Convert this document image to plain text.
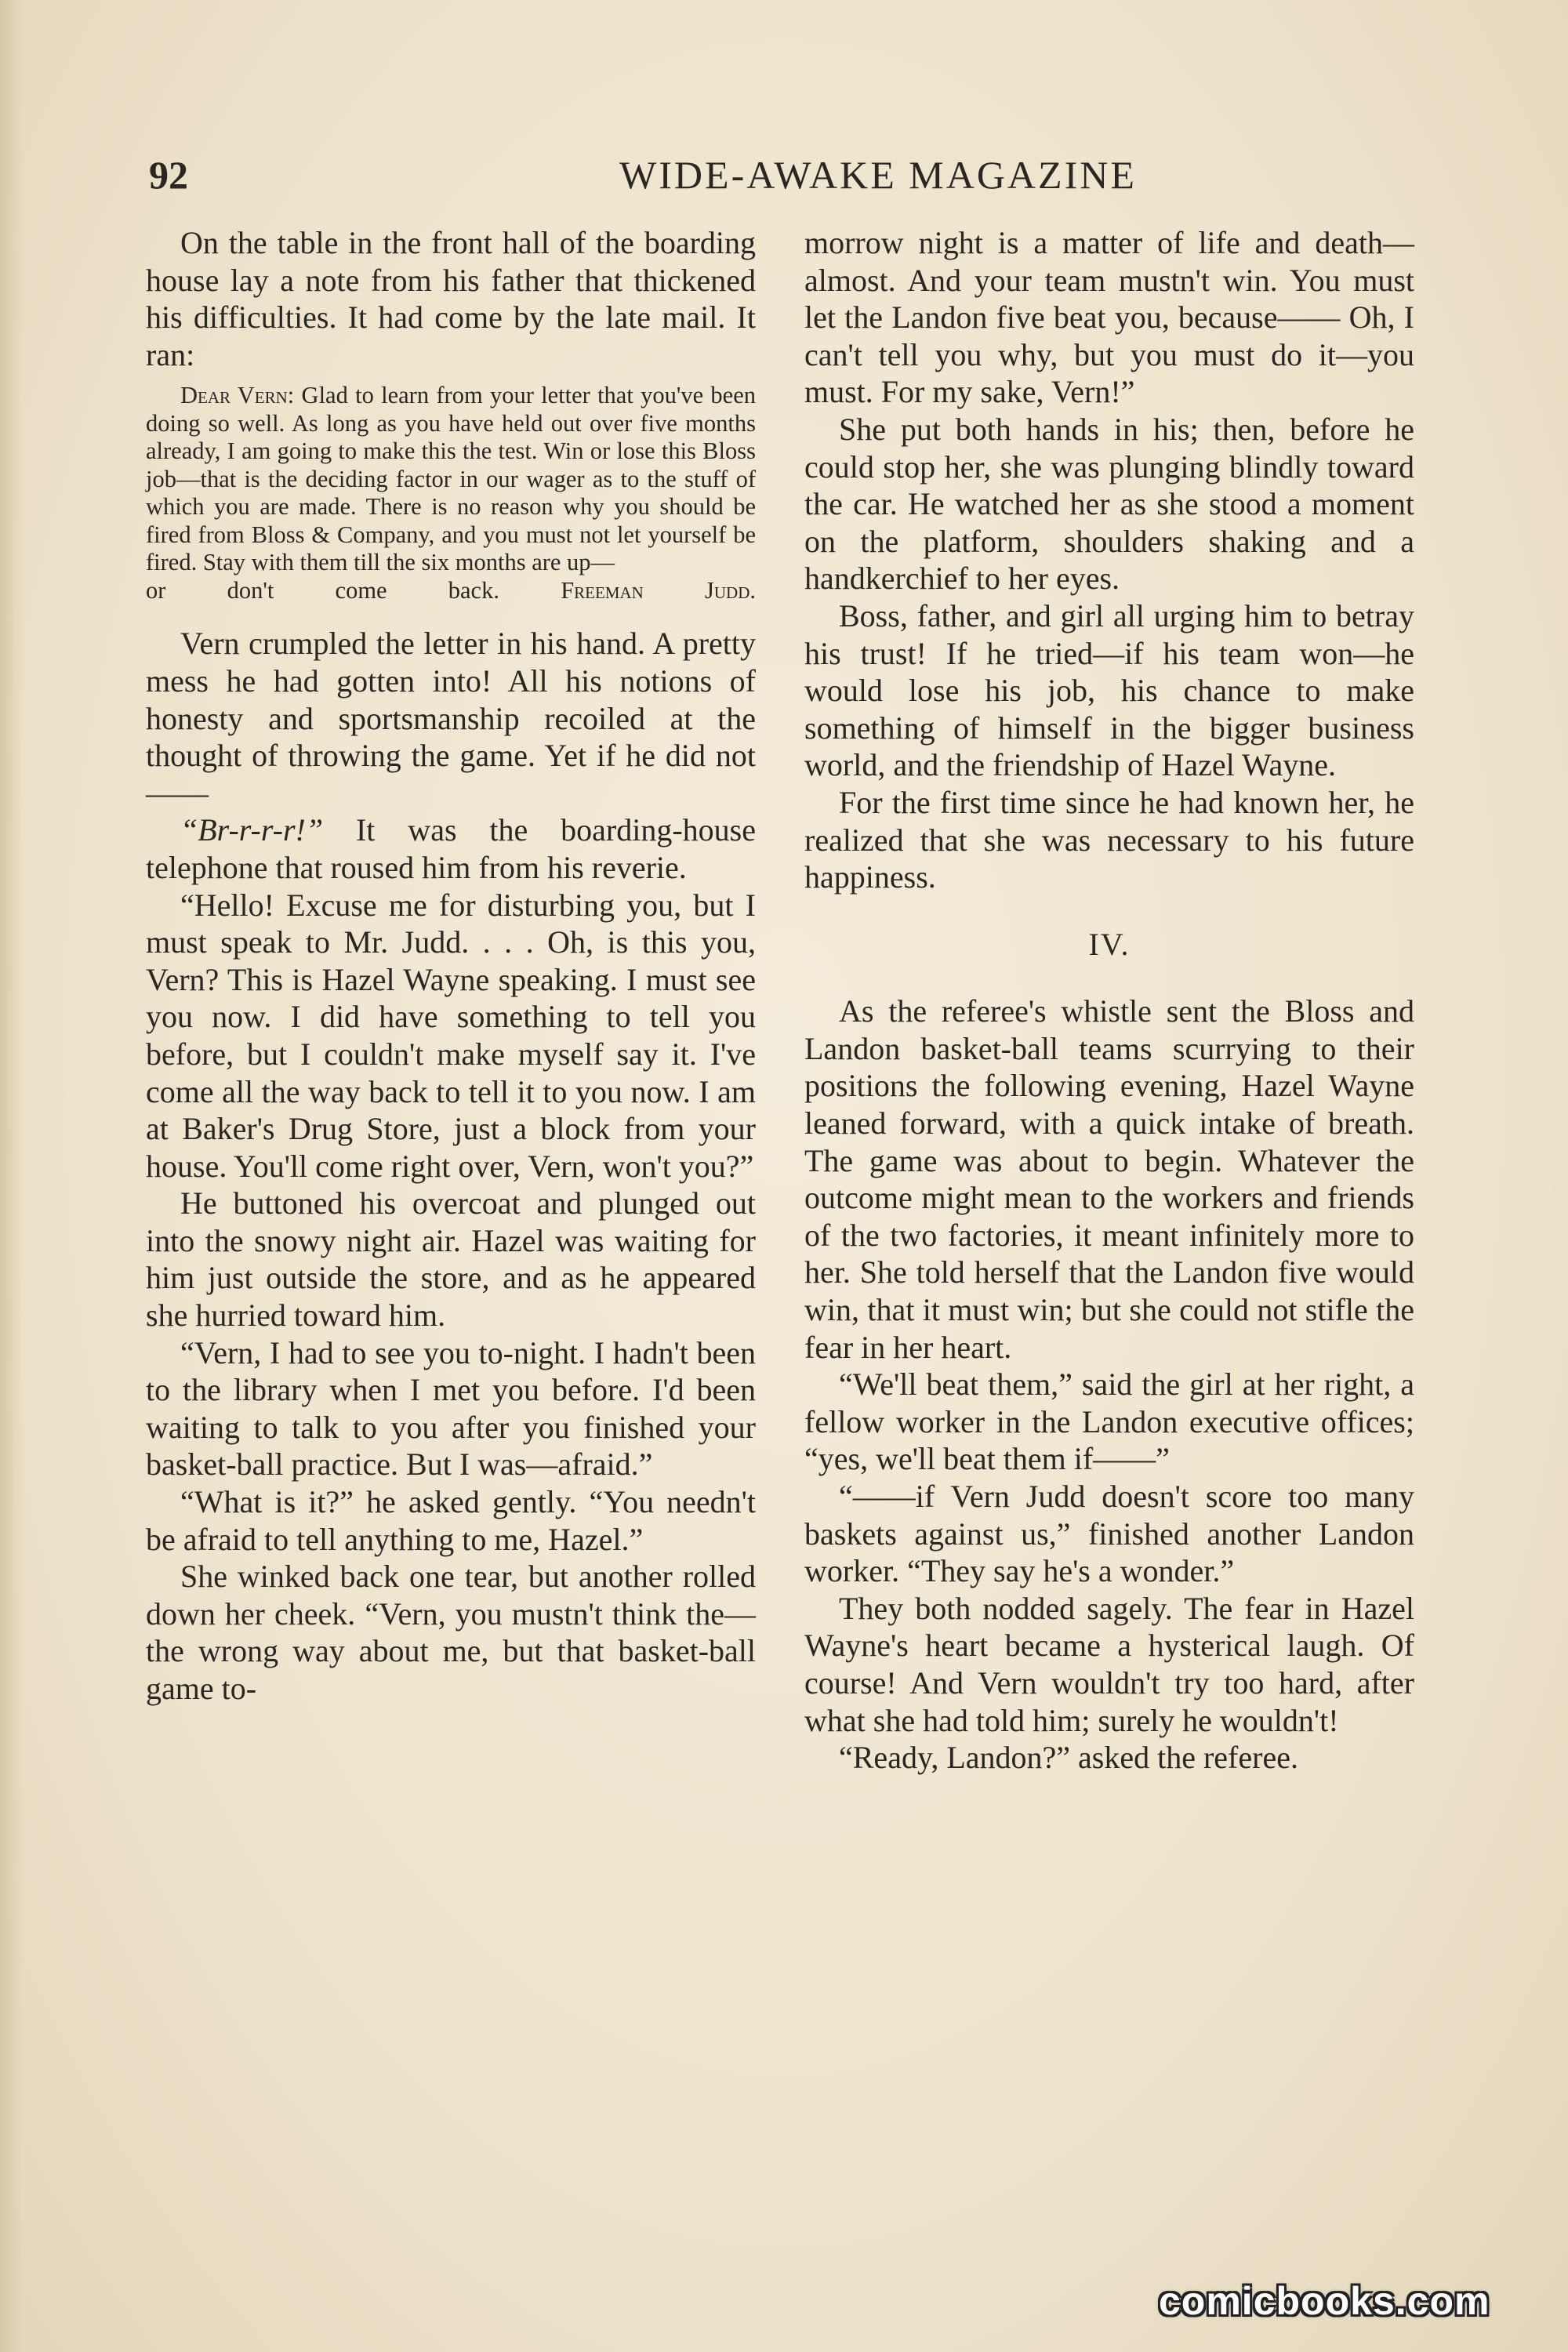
92	WIDE-AWAKE MAGAZINE

On the table in the front hall of the boarding house lay a note from his father that thickened his difficulties. It had come by the late mail. It ran:

Dear Vern: Glad to learn from your letter that you've been doing so well. As long as you have held out over five months already, I am going to make this the test. Win or lose this Bloss job—that is the deciding factor in our wager as to the stuff of which you are made. There is no reason why you should be fired from Bloss & Company, and you must not let yourself be fired. Stay with them till the six months are up—

or don't come back.	Freeman Judd.

Vern crumpled the letter in his hand. A pretty mess he had gotten into! All his notions of honesty and sportsmanship recoiled at the thought of throwing the game. Yet if he did not——

“Br-r-r-r!” It was the boarding-house telephone that roused him from his reverie.

“Hello! Excuse me for disturbing you, but I must speak to Mr. Judd. . . . Oh, is this you, Vern? This is Hazel Wayne speaking. I must see you now. I did have something to tell you before, but I couldn't make myself say it. I've come all the way back to tell it to you now. I am at Baker's Drug Store, just a block from your house. You'll come right over, Vern, won't you?”

He buttoned his overcoat and plunged out into the snowy night air. Hazel was waiting for him just outside the store, and as he appeared she hurried toward him.

“Vern, I had to see you to-night. I hadn't been to the library when I met you before. I'd been waiting to talk to you after you finished your basket-ball practice. But I was—afraid.”

“What is it?” he asked gently. “You needn't be afraid to tell anything to me, Hazel.”

She winked back one tear, but another rolled down her cheek. “Vern, you mustn't think the—the wrong way about me, but that basket-ball game to-

morrow night is a matter of life and death—almost. And your team mustn't win. You must let the Landon five beat you, because—— Oh, I can't tell you why, but you must do it—you must. For my sake, Vern!”

She put both hands in his; then, before he could stop her, she was plunging blindly toward the car. He watched her as she stood a moment on the platform, shoulders shaking and a handkerchief to her eyes.

Boss, father, and girl all urging him to betray his trust! If he tried—if his team won—he would lose his job, his chance to make something of himself in the bigger business world, and the friendship of Hazel Wayne.

For the first time since he had known her, he realized that she was necessary to his future happiness.

IV.

As the referee's whistle sent the Bloss and Landon basket-ball teams scurrying to their positions the following evening, Hazel Wayne leaned forward, with a quick intake of breath. The game was about to begin. Whatever the outcome might mean to the workers and friends of the two factories, it meant infinitely more to her. She told herself that the Landon five would win, that it must win; but she could not stifle the fear in her heart.

“We'll beat them,” said the girl at her right, a fellow worker in the Landon executive offices; “yes, we'll beat them if——”

“——if Vern Judd doesn't score too many baskets against us,” finished another Landon worker. “They say he's a wonder.”

They both nodded sagely. The fear in Hazel Wayne's heart became a hysterical laugh. Of course! And Vern wouldn't try too hard, after what she had told him; surely he wouldn't!

“Ready, Landon?” asked the referee.

comicbooks.com
